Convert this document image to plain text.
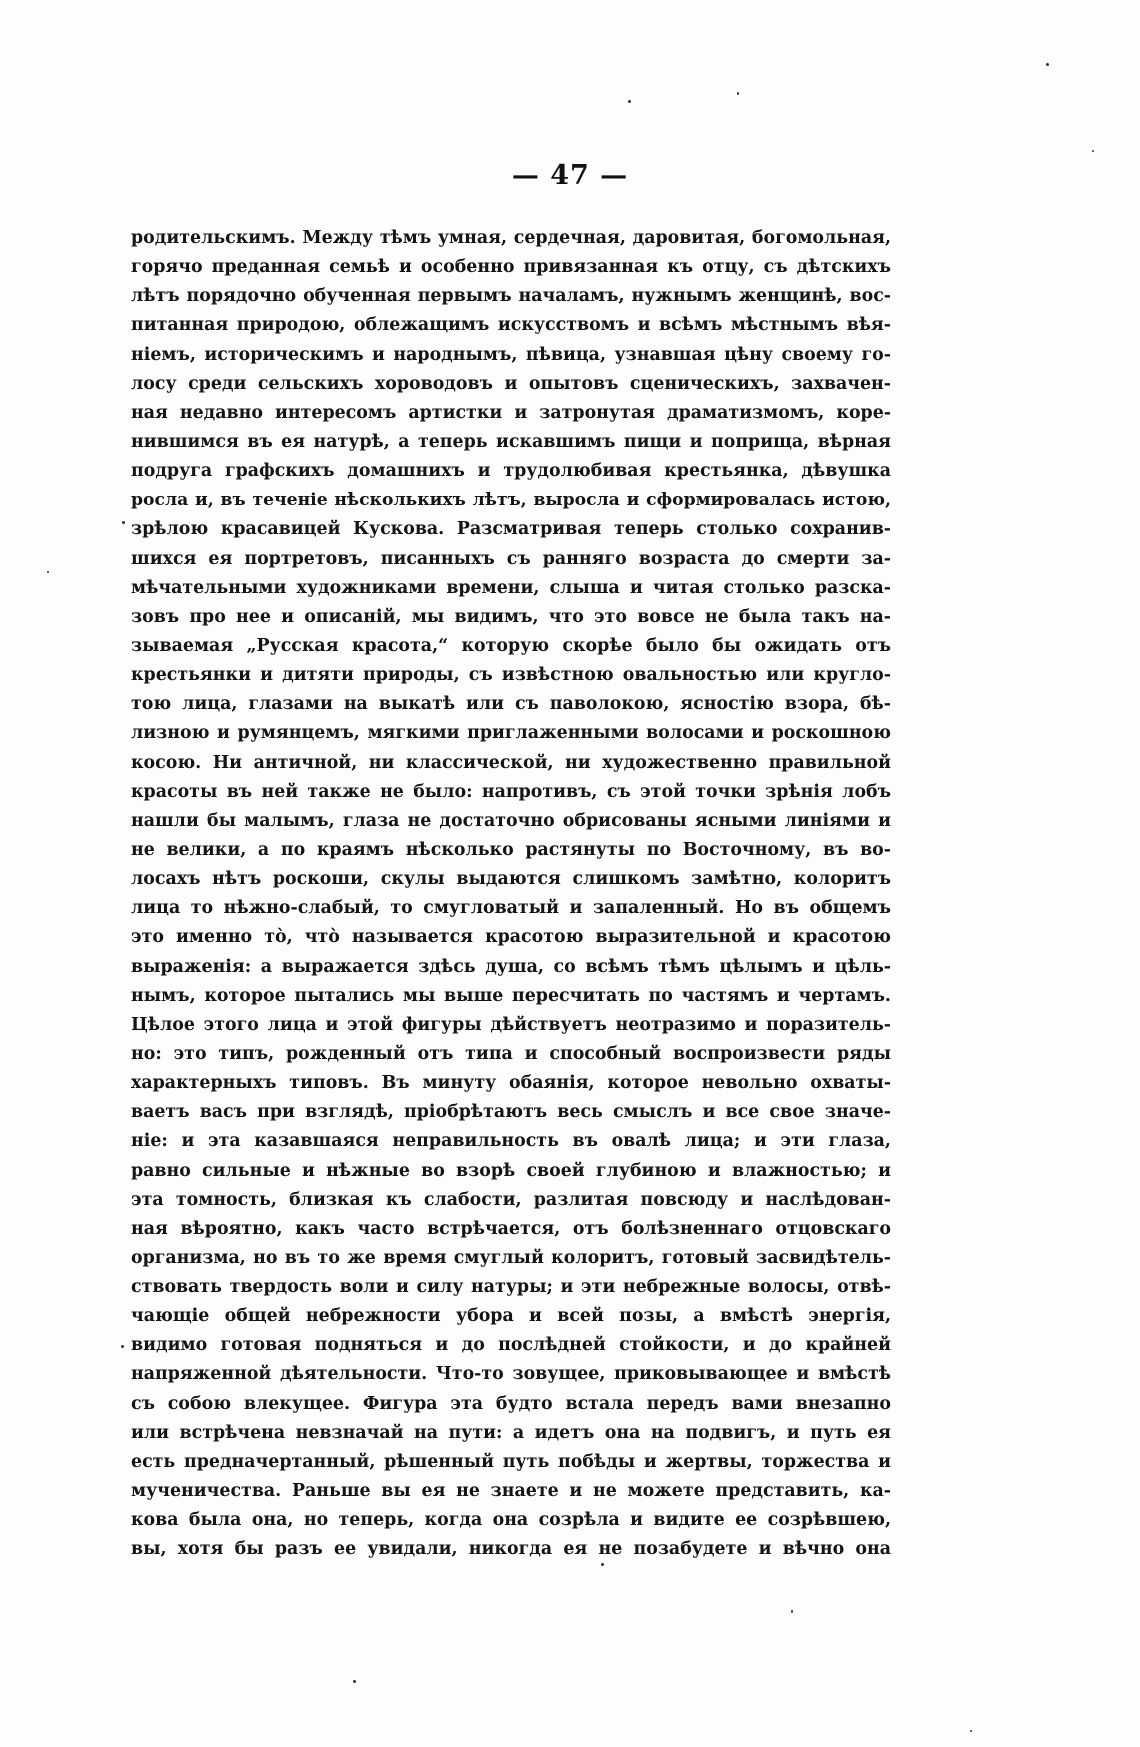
— 47 —
родительскимъ. Между тѣмъ умная, сердечная, даровитая, богомольная,
горячо преданная семьѣ и особенно привязанная къ отцу, съ дѣтскихъ
лѣтъ порядочно обученная первымъ началамъ, нужнымъ женщинѣ, вос-
питанная природою, облежащимъ искусствомъ и всѣмъ мѣстнымъ вѣя-
ніемъ, историческимъ и народнымъ, пѣвица, узнавшая цѣну своему го-
лосу среди сельскихъ хороводовъ и опытовъ сценическихъ, захвачен-
ная недавно интересомъ артистки и затронутая драматизмомъ, коре-
нившимся въ ея натурѣ, а теперь искавшимъ пищи и поприща, вѣрная
подруга графскихъ домашнихъ и трудолюбивая крестьянка, дѣвушка
росла и, въ теченіе нѣсколькихъ лѣтъ, выросла и сформировалась истою,
зрѣлою красавицей Кускова. Разсматривая теперь столько сохранив-
шихся ея портретовъ, писанныхъ съ ранняго возраста до смерти за-
мѣчательными художниками времени, слыша и читая столько разска-
зовъ про нее и описаній, мы видимъ, что это вовсе не была такъ на-
зываемая „Русская красота,“ которую скорѣе было бы ожидать отъ
крестьянки и дитяти природы, съ извѣстною овальностью или кругло-
тою лица, глазами на выкатѣ или съ паволокою, ясностію взора, бѣ-
лизною и румянцемъ, мягкими приглаженными волосами и роскошною
косою. Ни античной, ни классической, ни художественно правильной
красоты въ ней также не было: напротивъ, съ этой точки зрѣнія лобъ
нашли бы малымъ, глаза не достаточно обрисованы ясными линіями и
не велики, а по краямъ нѣсколько растянуты по Восточному, въ во-
лосахъ нѣтъ роскоши, скулы выдаются слишкомъ замѣтно, колоритъ
лица то нѣжно-слабый, то смугловатый и запаленный. Но въ общемъ
это именно то̀, что̀ называется красотою выразительной и красотою
выраженія: а выражается здѣсь душа, со всѣмъ тѣмъ цѣлымъ и цѣль-
нымъ, которое пытались мы выше пересчитать по частямъ и чертамъ.
Цѣлое этого лица и этой фигуры дѣйствуетъ неотразимо и поразитель-
но: это типъ, рожденный отъ типа и способный воспроизвести ряды
характерныхъ типовъ. Въ минуту обаянія, которое невольно охваты-
ваетъ васъ при взглядѣ, пріобрѣтаютъ весь смыслъ и все свое значе-
ніе: и эта казавшаяся неправильность въ овалѣ лица; и эти глаза,
равно сильные и нѣжные во взорѣ своей глубиною и влажностью; и
эта томность, близкая къ слабости, разлитая повсюду и наслѣдован-
ная вѣроятно, какъ часто встрѣчается, отъ болѣзненнаго отцовскаго
организма, но въ то же время смуглый колоритъ, готовый засвидѣтель-
ствовать твердость воли и силу натуры; и эти небрежные волосы, отвѣ-
чающіе общей небрежности убора и всей позы, а вмѣстѣ энергія,
видимо готовая подняться и до послѣдней стойкости, и до крайней
напряженной дѣятельности. Что-то зовущее, приковывающее и вмѣстѣ
съ собою влекущее. Фигура эта будто встала передъ вами внезапно
или встрѣчена невзначай на пути: а идетъ она на подвигъ, и путь ея
есть предначертанный, рѣшенный путь побѣды и жертвы, торжества и
мученичества. Раньше вы ея не знаете и не можете представить, ка-
кова была она, но теперь, когда она созрѣла и видите ее созрѣвшею,
вы, хотя бы разъ ее увидали, никогда ея не позабудете и вѣчно она
